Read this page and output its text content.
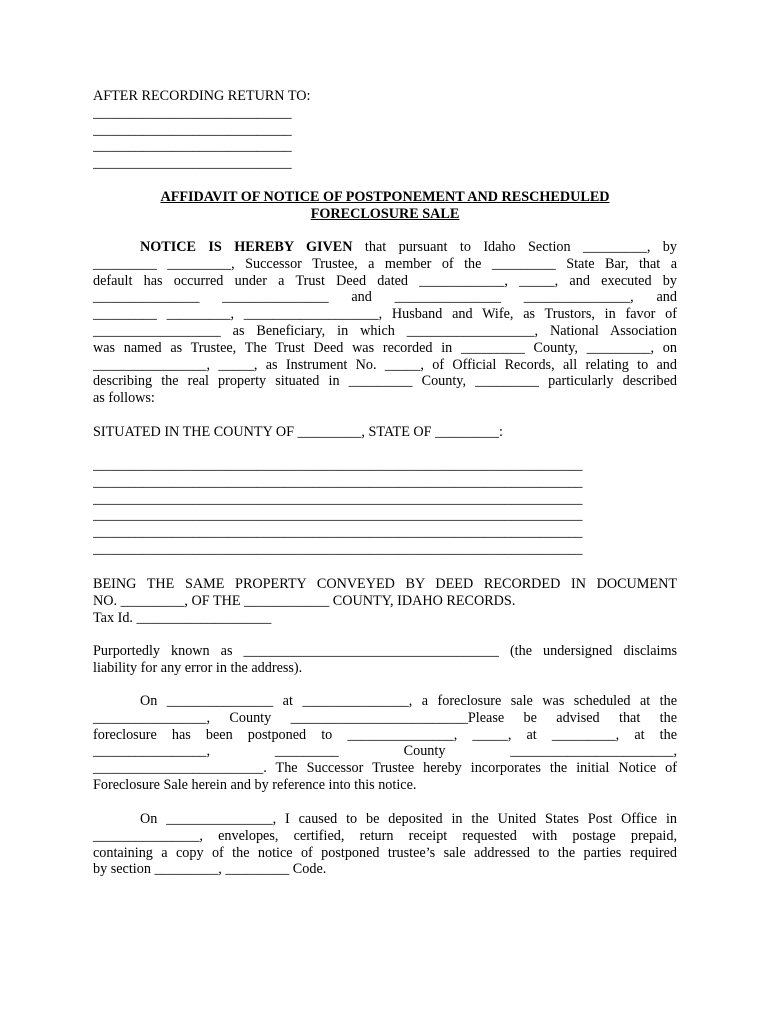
AFTER RECORDING RETURN TO:
____________________________
____________________________
____________________________
____________________________
AFFIDAVIT OF NOTICE OF POSTPONEMENT AND RESCHEDULED
FORECLOSURE SALE
NOTICE IS HEREBY GIVEN that pursuant to Idaho Section _________, by
_________ _________, Successor Trustee, a member of the _________ State Bar, that a
default has occurred under a Trust Deed dated ____________, _____, and executed by
_______________ _______________ and _______________ _______________, and
_________ _________, ___________________, Husband and Wife, as Trustors, in favor of
__________________ as Beneficiary, in which __________________, National Association
was named as Trustee, The Trust Deed was recorded in _________ County, _________, on
________________, _____, as Instrument No. _____, of Official Records, all relating to and
describing the real property situated in _________ County, _________ particularly described
as follows:
SITUATED IN THE COUNTY OF _________, STATE OF _________:
_____________________________________________________________________
_____________________________________________________________________
_____________________________________________________________________
_____________________________________________________________________
_____________________________________________________________________
_____________________________________________________________________
BEING THE SAME PROPERTY CONVEYED BY DEED RECORDED IN DOCUMENT
NO. _________, OF THE ____________ COUNTY, IDAHO RECORDS.
Tax Id. ___________________
Purportedly known as ____________________________________ (the undersigned disclaims
liability for any error in the address).
On _______________ at _______________, a foreclosure sale was scheduled at the
________________, County _________________________Please be advised that the
foreclosure has been postponed to _______________, _____, at _________, at the
________________, _________ County _______________________,
________________________. The Successor Trustee hereby incorporates the initial Notice of
Foreclosure Sale herein and by reference into this notice.
On _______________, I caused to be deposited in the United States Post Office in
_______________, envelopes, certified, return receipt requested with postage prepaid,
containing a copy of the notice of postponed trustee’s sale addressed to the parties required
by section _________, _________ Code.
